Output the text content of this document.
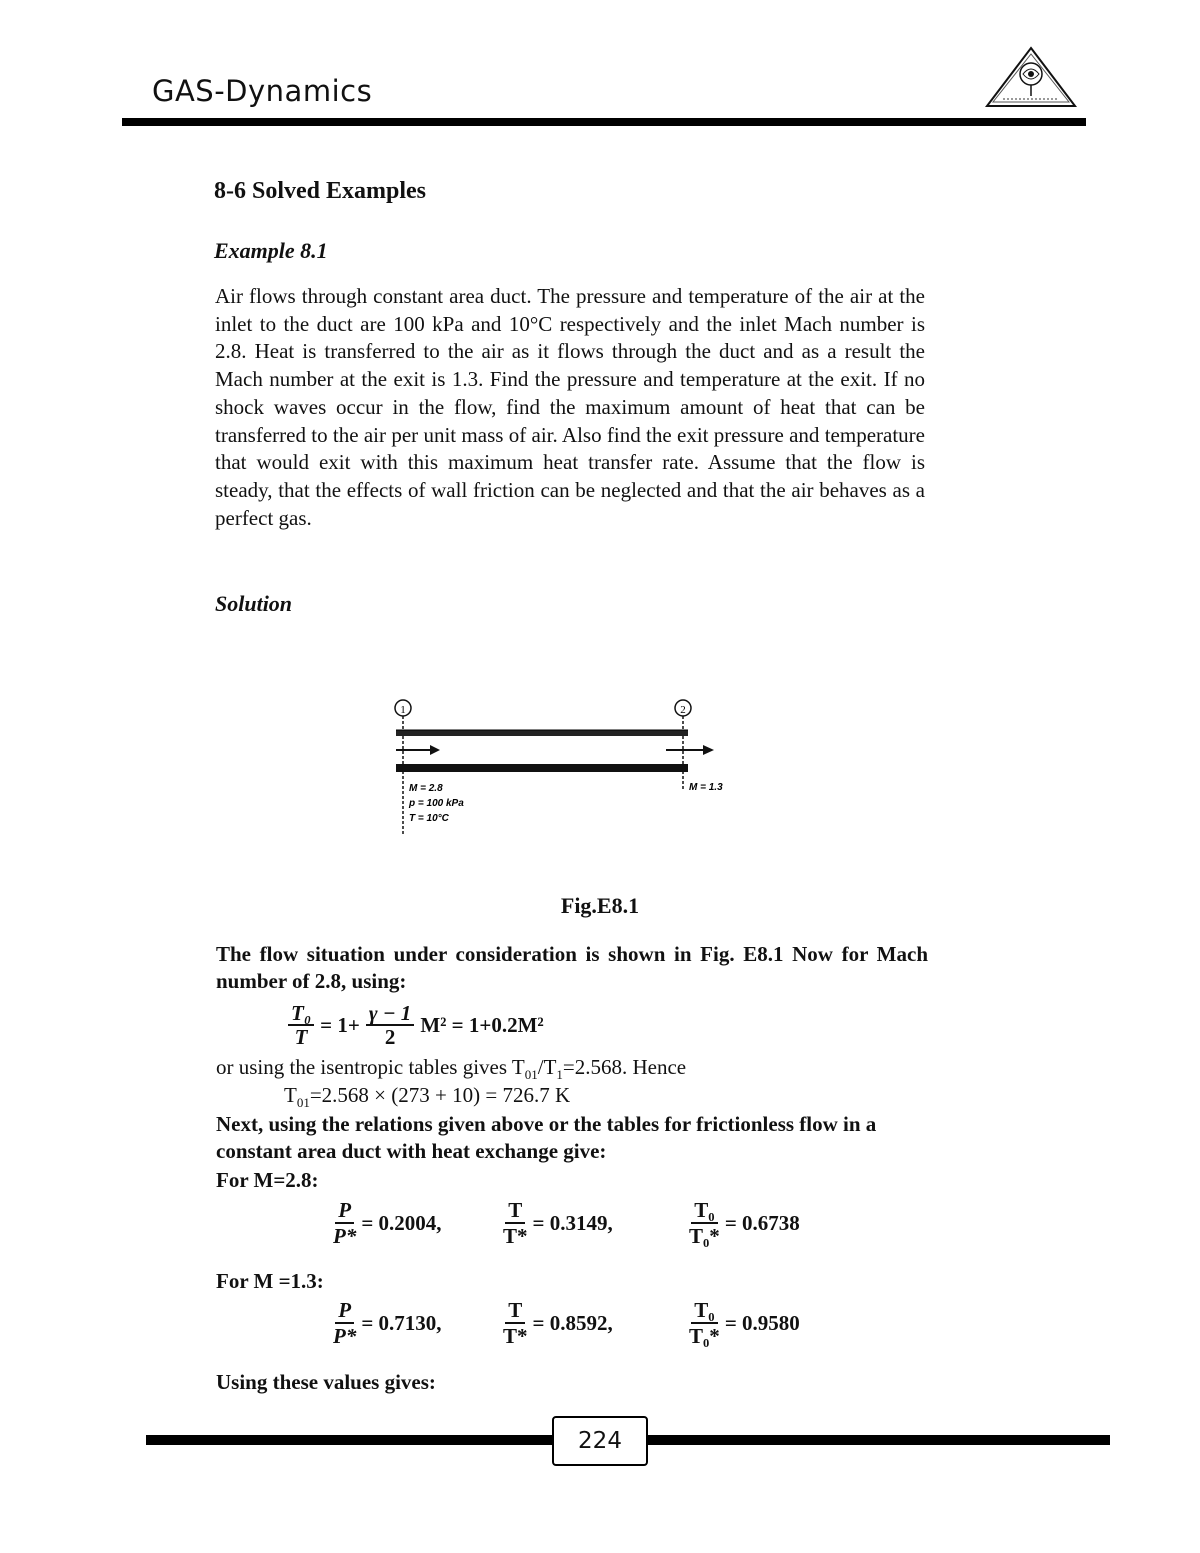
GAS-Dynamics
8-6 Solved Examples
Example 8.1

Air flows through constant area duct. The pressure and temperature of the air at the inlet to the duct are 100 kPa and 10°C respectively and the inlet Mach number is 2.8. Heat is transferred to the air as it flows through the duct and as a result the Mach number at the exit is 1.3. Find the pressure and temperature at the exit. If no shock waves occur in the flow, find the maximum amount of heat that can be transferred to the air per unit mass of air. Also find the exit pressure and temperature that would exit with this maximum heat transfer rate. Assume that the flow is steady, that the effects of wall friction can be neglected and that the air behaves as a perfect gas.

Solution
1	2
M = 2.8
p = 100 kPa
T = 10°C
M = 1.3
Fig.E8.1
The flow situation under consideration is shown in Fig. E8.1 Now for Mach number of 2.8, using:
$\frac{\text{T₀}}{T} = 1+ \frac{\gamma - 1}{2} M^2 = 1+0.2M^2$
or using the isentropic tables gives $T_{01}/T_1=2.568$. Hence
$T_{01}=2.568 \times (273 + 10) = 726.7$ K
Next, using the relations given above or the tables for frictionless flow in a constant area duct with heat exchange give:
For M=2.8:
$\frac{P}{P*} = 0.2004$,	$\frac{T}{T*} = 0.3149$,	$\frac{\text{T₀}}{\text{T₀*}} = 0.6738$
For M =1.3:
$\frac{P}{P*} = 0.7130$,	$\frac{T}{T*} = 0.8592$,	$\frac{\text{T₀}}{\text{T₀*}} = 0.9580$
Using these values gives:
224
